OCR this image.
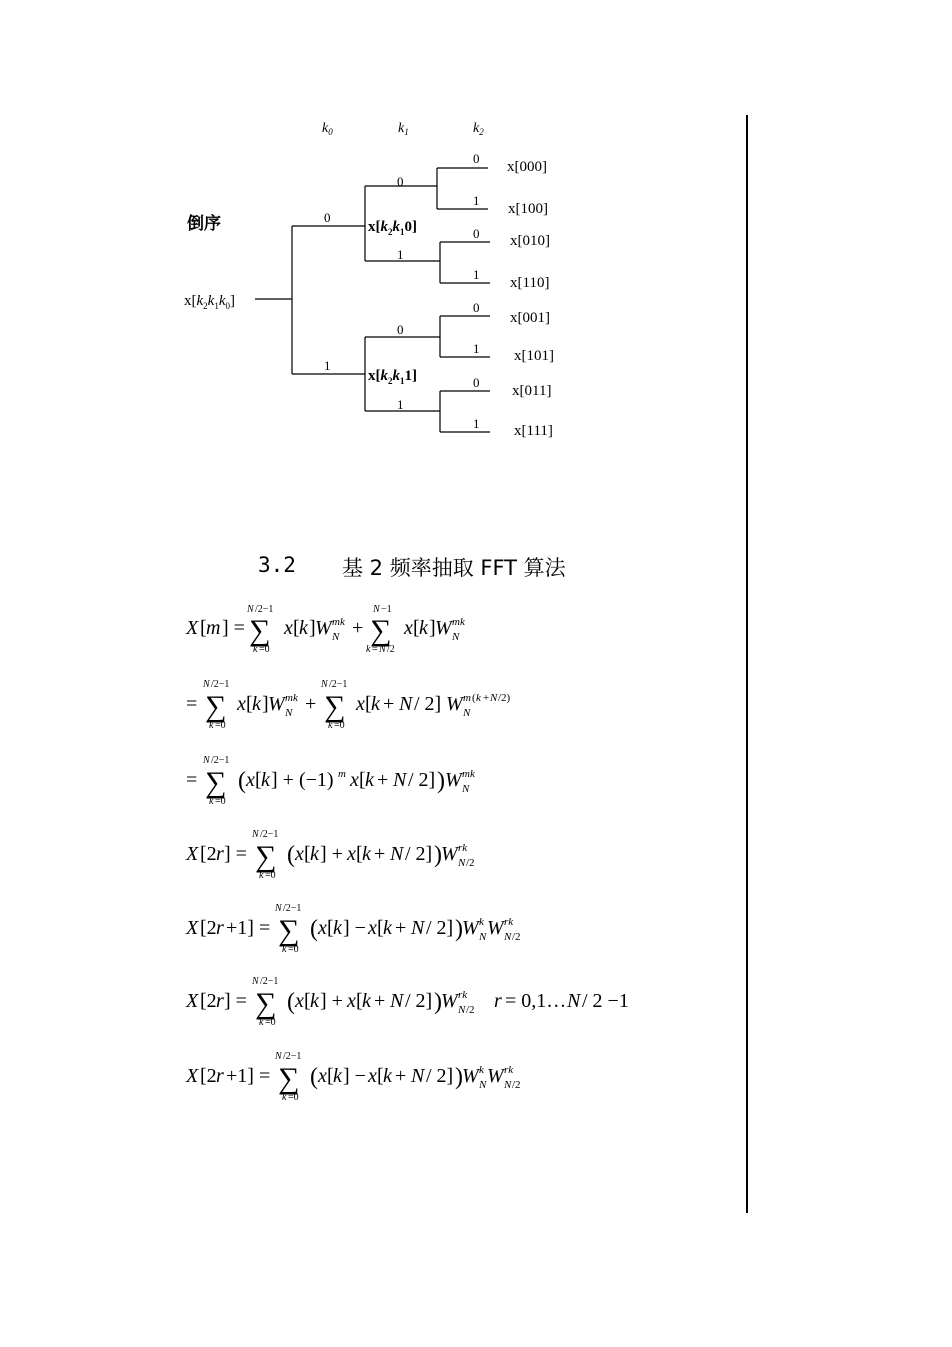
$k_0$	$k_1$	$k_2$
$x[k_2k_1k_0]$
0
1
$x[k_2k_10]$
$x[k_2k_11]$
0
1
0
1
0
1
0
1
0
1
0
1
x[000]
x[100]
x[010]
x[110]
x[001]
x[101]
x[011]
x[111]
倒序
3.2 基 2 频率抽取 FFT 算法
X [ m ] =
N /2−1
∑
k =0
x [ k ] W mk
N +
N −1
∑
k = N /2
x [ k ] W mk
N
=
N /2−1
∑
k =0
x [ k ] W mk
N +
N /2−1
∑
k =0
x [ k + N / 2] W m ( k + N /2)
N
=
N /2−1
∑
k =0
( x [ k ] + (−1) m x [ k + N / 2] ) W mk
N
X [2 r ] =
N /2−1
∑
k =0
( x [ k ] + x [ k + N / 2] ) W rk
N /2
X [2 r +1] =
N /2−1
∑
k =0
( x [ k ] − x [ k + N / 2] ) W k
N W rk
N /2
X [2 r ] =
N /2−1
∑
k =0
( x [ k ] + x [ k + N / 2] ) W rk
N /2 r = 0,1… N / 2 −1
X [2 r +1] =
N /2−1
∑
k =0
( x [ k ] − x [ k + N / 2] ) W k
N W rk
N /2
